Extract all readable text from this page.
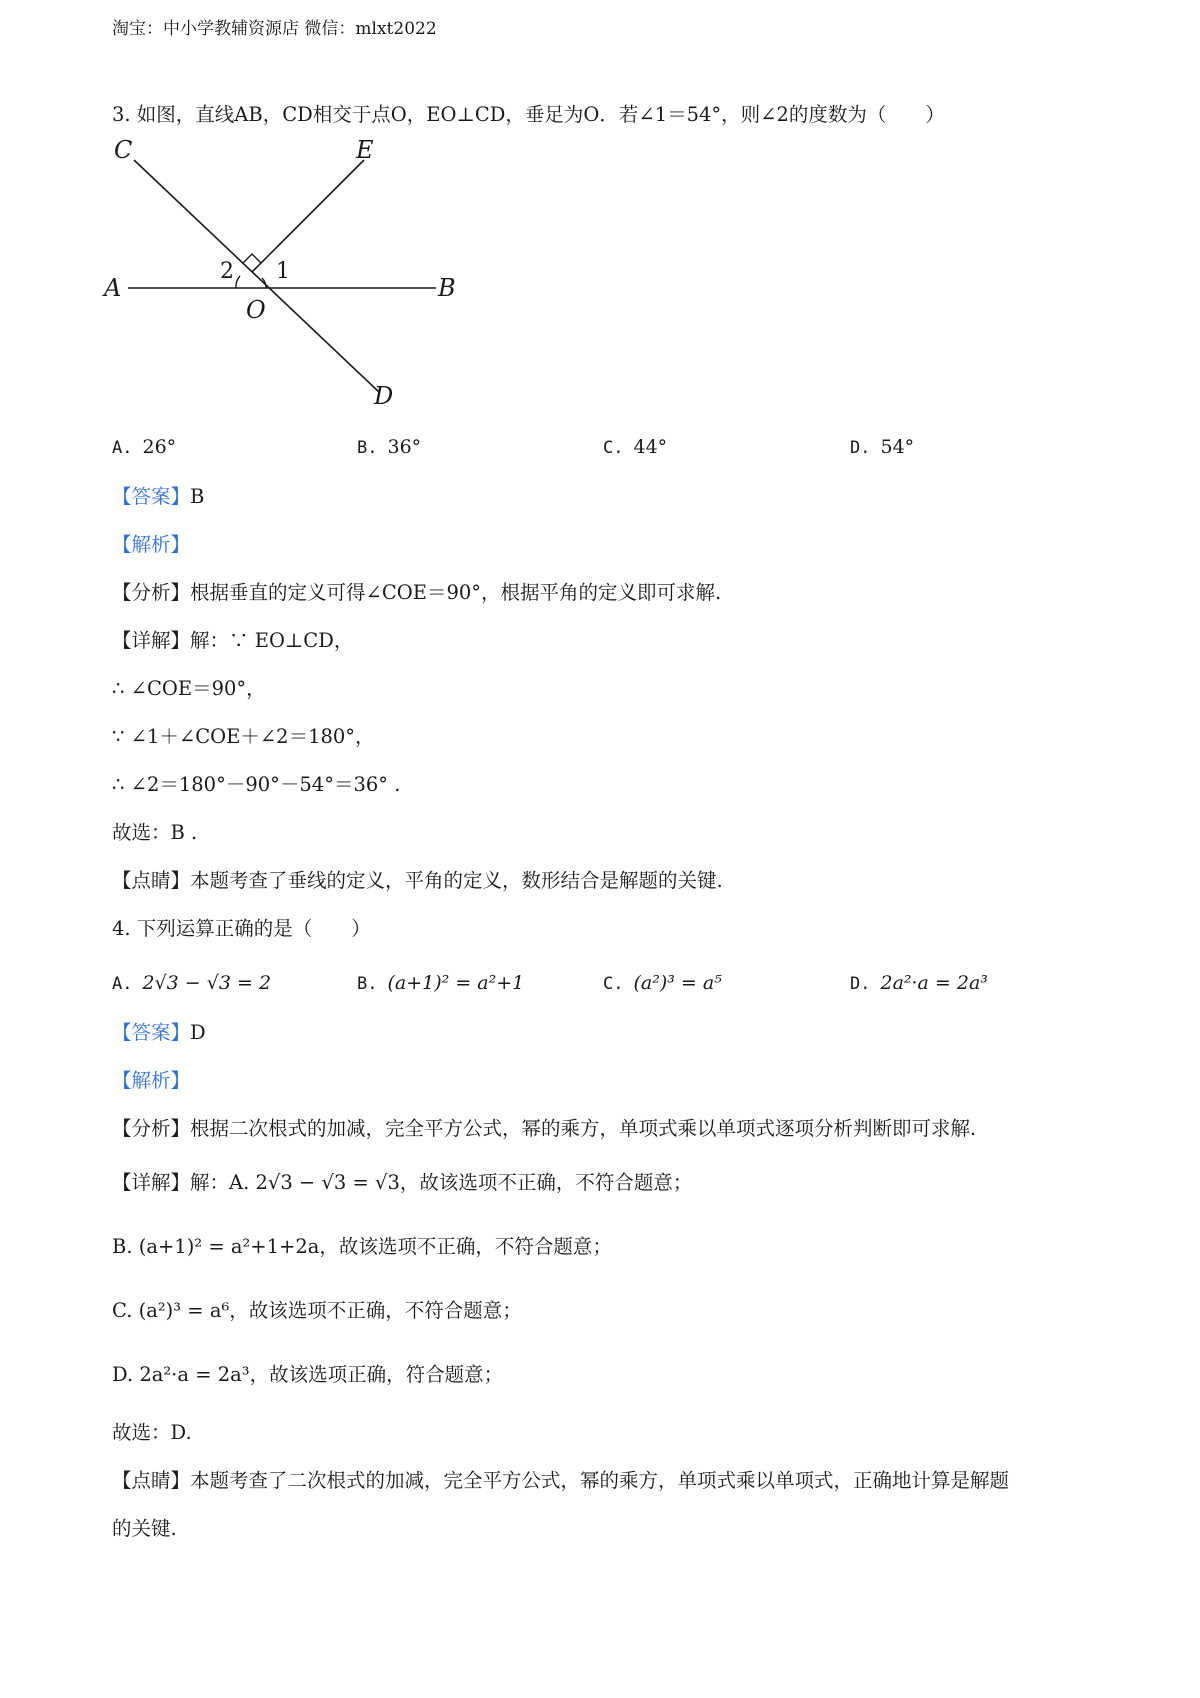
淘宝：中小学教辅资源店 微信：mlxt2022
3. 如图，直线AB，CD相交于点O，EO⊥CD，垂足为O．若∠1＝54°，则∠2的度数为（　　）
C	E
A	B
O
D
1
2
A. 26°	B. 36°	C. 44°	D. 54°
【答案】B
【解析】
【分析】根据垂直的定义可得∠COE＝90°，根据平角的定义即可求解.
【详解】解：∵ EO⊥CD，
∴ ∠COE＝90°，
∵ ∠1＋∠COE＋∠2＝180°，
∴ ∠2＝180°－90°－54°＝36° .
故选：B .
【点睛】本题考查了垂线的定义，平角的定义，数形结合是解题的关键.
4. 下列运算正确的是（　　）
A. 2√3 − √3 = 2	B. (a+1)² = a²+1	C. (a²)³ = a⁵	D. 2a²·a = 2a³
【答案】D
【解析】
【分析】根据二次根式的加减，完全平方公式，幂的乘方，单项式乘以单项式逐项分析判断即可求解.
【详解】解：A. 2√3 − √3 = √3，故该选项不正确，不符合题意；
B. (a+1)² = a²+1+2a，故该选项不正确，不符合题意；
C. (a²)³ = a⁶，故该选项不正确，不符合题意；
D. 2a²·a = 2a³，故该选项正确，符合题意；
故选：D.
【点睛】本题考查了二次根式的加减，完全平方公式，幂的乘方，单项式乘以单项式，正确地计算是解题
的关键.
